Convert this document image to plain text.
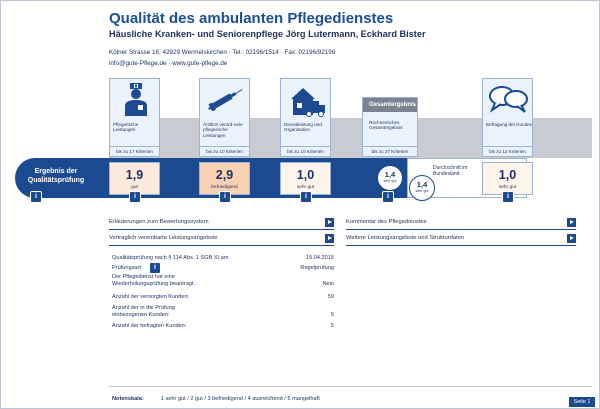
Qualität des ambulanten Pflegedienstes
Häusliche Kranken- und Seniorenpflege Jörg Lutermann, Eckhard Bister
Kölner Strasse 16, 42929 Wermelskirchen · Tel.: 02196/1514 · Fax: 02196/92198
info@gute-Pflege.de · www.gute-pflege.de
Pflegerische Leistungen
bis zu 17 Kriterien
Ärztlich verord-nete pflegerische Leistungen
bis zu 10 Kriterien
Dienstleistung und Organisation
bis zu 10 Kriterien
Gesamtergebnis
Rechnerisches Gesamtergebnis
bis zu 37 Kriterien
Befragung der Kunden
bis zu 12 Kriterien
Ergebnis der Qualitätsprüfung	1,9
gut
2,9
befriedigend
1,0
sehr gut
Durchschnitt im Bundesland	1,0
sehr gut
1,4
sehr gut	1,4
sehr gut
i	i	i	i	i	i
Erläuterungen zum Bewertungssystem	Kommentar des Pflegedienstes
Vertraglich vereinbarte Leistungsangebote	Weitere Leistungsangebote und Strukturdaten
Qualitätsprüfung nach § 114 Abs. 1 SGB XI am	15.04.2015
Prüfungsart:	i	Regelprüfung
Der Pflegedienst hat eine Wiederholungsprüfung beantragt:	Nein
Anzahl der versorgten Kunden:	59
Anzahl der in die Prüfung einbezogenen Kunden:	5
Anzahl der befragten Kunden:	5
Notenskala:	1 sehr gut / 2 gut / 3 befriedigend / 4 ausreichend / 5 mangelhaft	Seite 1
